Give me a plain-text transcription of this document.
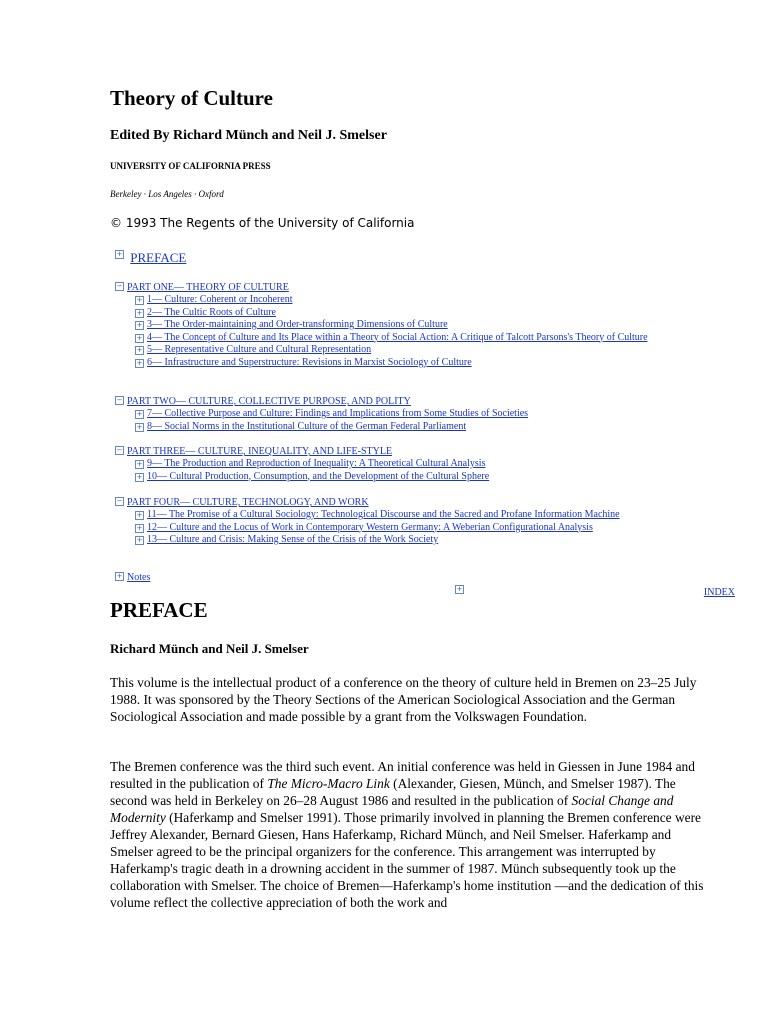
Theory of Culture
Edited By Richard Münch and Neil J. Smelser
UNIVERSITY OF CALIFORNIA PRESS
Berkeley · Los Angeles · Oxford
© 1993 The Regents of the University of California
+ PREFACE
− PART ONE— THEORY OF CULTURE
+ 1— Culture: Coherent or Incoherent
+ 2— The Cultic Roots of Culture
+ 3— The Order-maintaining and Order-transforming Dimensions of Culture
+ 4— The Concept of Culture and Its Place within a Theory of Social Action: A Critique of Talcott Parsons's Theory of Culture
+ 5— Representative Culture and Cultural Representation
+ 6— Infrastructure and Superstructure: Revisions in Marxist Sociology of Culture
− PART TWO— CULTURE, COLLECTIVE PURPOSE, AND POLITY
+ 7— Collective Purpose and Culture: Findings and Implications from Some Studies of Societies
+ 8— Social Norms in the Institutional Culture of the German Federal Parliament
− PART THREE— CULTURE, INEQUALITY, AND LIFE-STYLE
+ 9— The Production and Reproduction of Inequality: A Theoretical Cultural Analysis
+ 10— Cultural Production, Consumption, and the Development of the Cultural Sphere
− PART FOUR— CULTURE, TECHNOLOGY, AND WORK
+ 11— The Promise of a Cultural Sociology: Technological Discourse and the Sacred and Profane Information Machine
+ 12— Culture and the Locus of Work in Contemporary Western Germany: A Weberian Configurational Analysis
+ 13— Culture and Crisis: Making Sense of the Crisis of the Work Society
+ Notes
+	INDEX
PREFACE
Richard Münch and Neil J. Smelser

This volume is the intellectual product of a conference on the theory of culture held in Bremen on 23–25 July 1988. It was sponsored by the Theory Sections of the American Sociological Association and the German Sociological Association and made possible by a grant from the Volkswagen Foundation.

The Bremen conference was the third such event. An initial conference was held in Giessen in June 1984 and resulted in the publication of The Micro-Macro Link (Alexander, Giesen, Münch, and Smelser 1987). The second was held in Berkeley on 26–28 August 1986 and resulted in the publication of Social Change and Modernity (Haferkamp and Smelser 1991). Those primarily involved in planning the Bremen conference were Jeffrey Alexander, Bernard Giesen, Hans Haferkamp, Richard Münch, and Neil Smelser. Haferkamp and Smelser agreed to be the principal organizers for the conference. This arrangement was interrupted by Haferkamp's tragic death in a drowning accident in the summer of 1987. Münch subsequently took up the collaboration with Smelser. The choice of Bremen—Haferkamp's home institution —and the dedication of this volume reflect the collective appreciation of both the work and
